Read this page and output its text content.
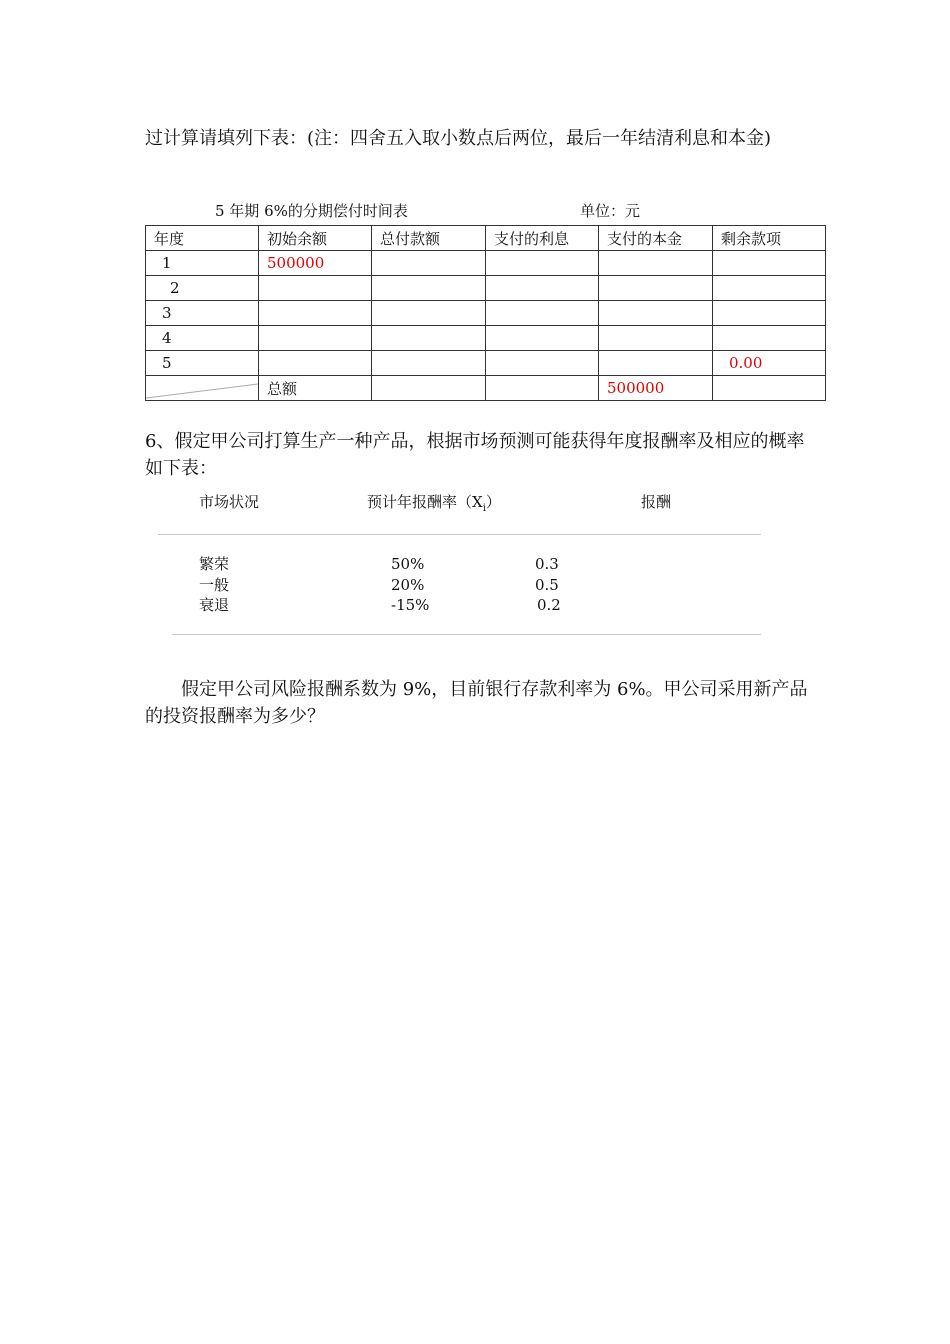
过计算请填列下表：(注：四舍五入取小数点后两位，最后一年结清利息和本金)

5 年期 6%的分期偿付时间表	单位：元
年度	初始余额	总付款额	支付的利息	支付的本金	剩余款项
1	500000				
2					
3					
4					
5					0.00

	总额			500000	

6、假定甲公司打算生产一种产品，根据市场预测可能获得年度报酬率及相应的概率如下表：

市场状况	预计年报酬率$(X_i)$	报酬
繁荣	50%	0.3
一般	20%	0.5
衰退	-15%	0.2

假定甲公司风险报酬系数为 9%，目前银行存款利率为 6%。甲公司采用新产品的投资报酬率为多少？
